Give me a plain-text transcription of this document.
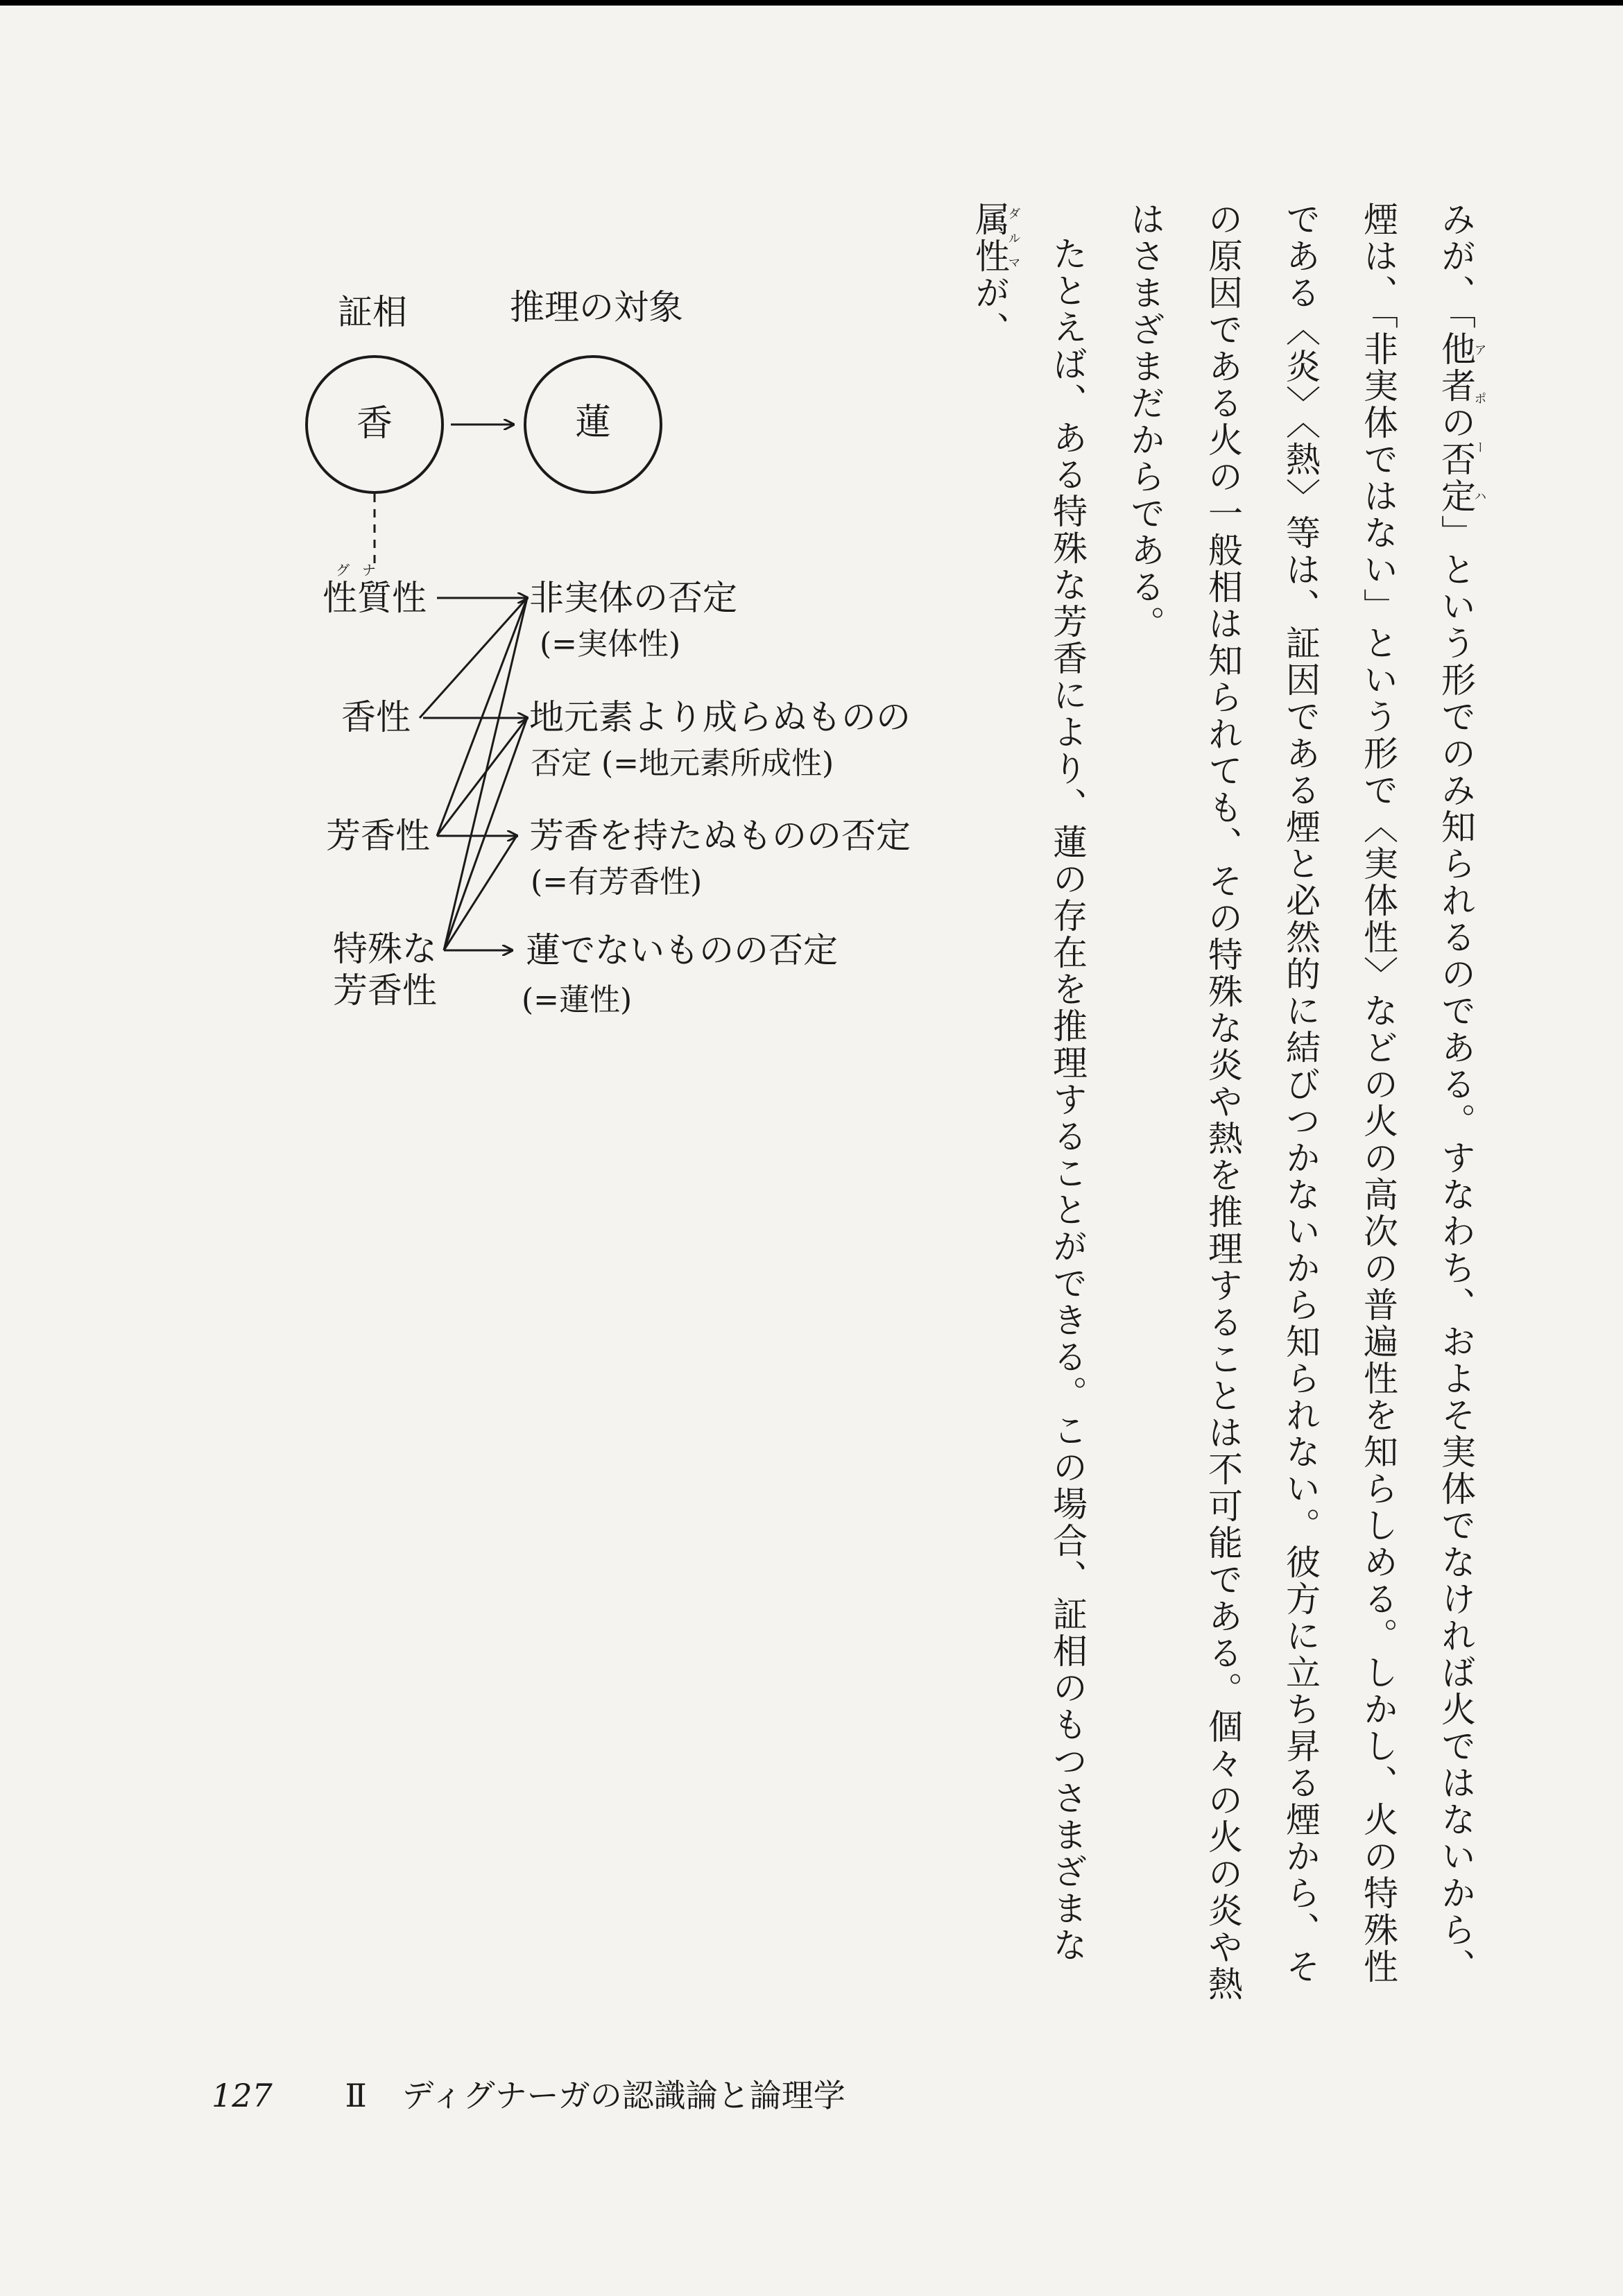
みが、「他者の否定アポーハ」という形でのみ知られるのである。すなわち、およそ実体でなければ火ではないから、煙は、「非実体ではない」という形で〈実体性〉などの火の高次の普遍性を知らしめる。しかし、火の特殊性である〈炎〉〈熱〉等は、証因である煙と必然的に結びつかないから知られない。彼方に立ち昇る煙から、その原因である火の一般相は知られても、その特殊な炎や熱を推理することは不可能である。個々の火の炎や熱はさまざまだからである。

たとえば、ある特殊な芳香により、蓮の存在を推理することができる。この場合、証相のもつさまざまな属性ダルマが、

証相	推理の対象
香	蓮
グナ
性質性
香性
芳香性
特殊な
芳香性
非実体の否定
(=実体性)
地元素より成らぬものの
否定 (=地元素所成性)
芳香を持たぬものの否定
(=有芳香性)
蓮でないものの否定
(=蓮性)
127 Ⅱ ディグナーガの認識論と論理学
